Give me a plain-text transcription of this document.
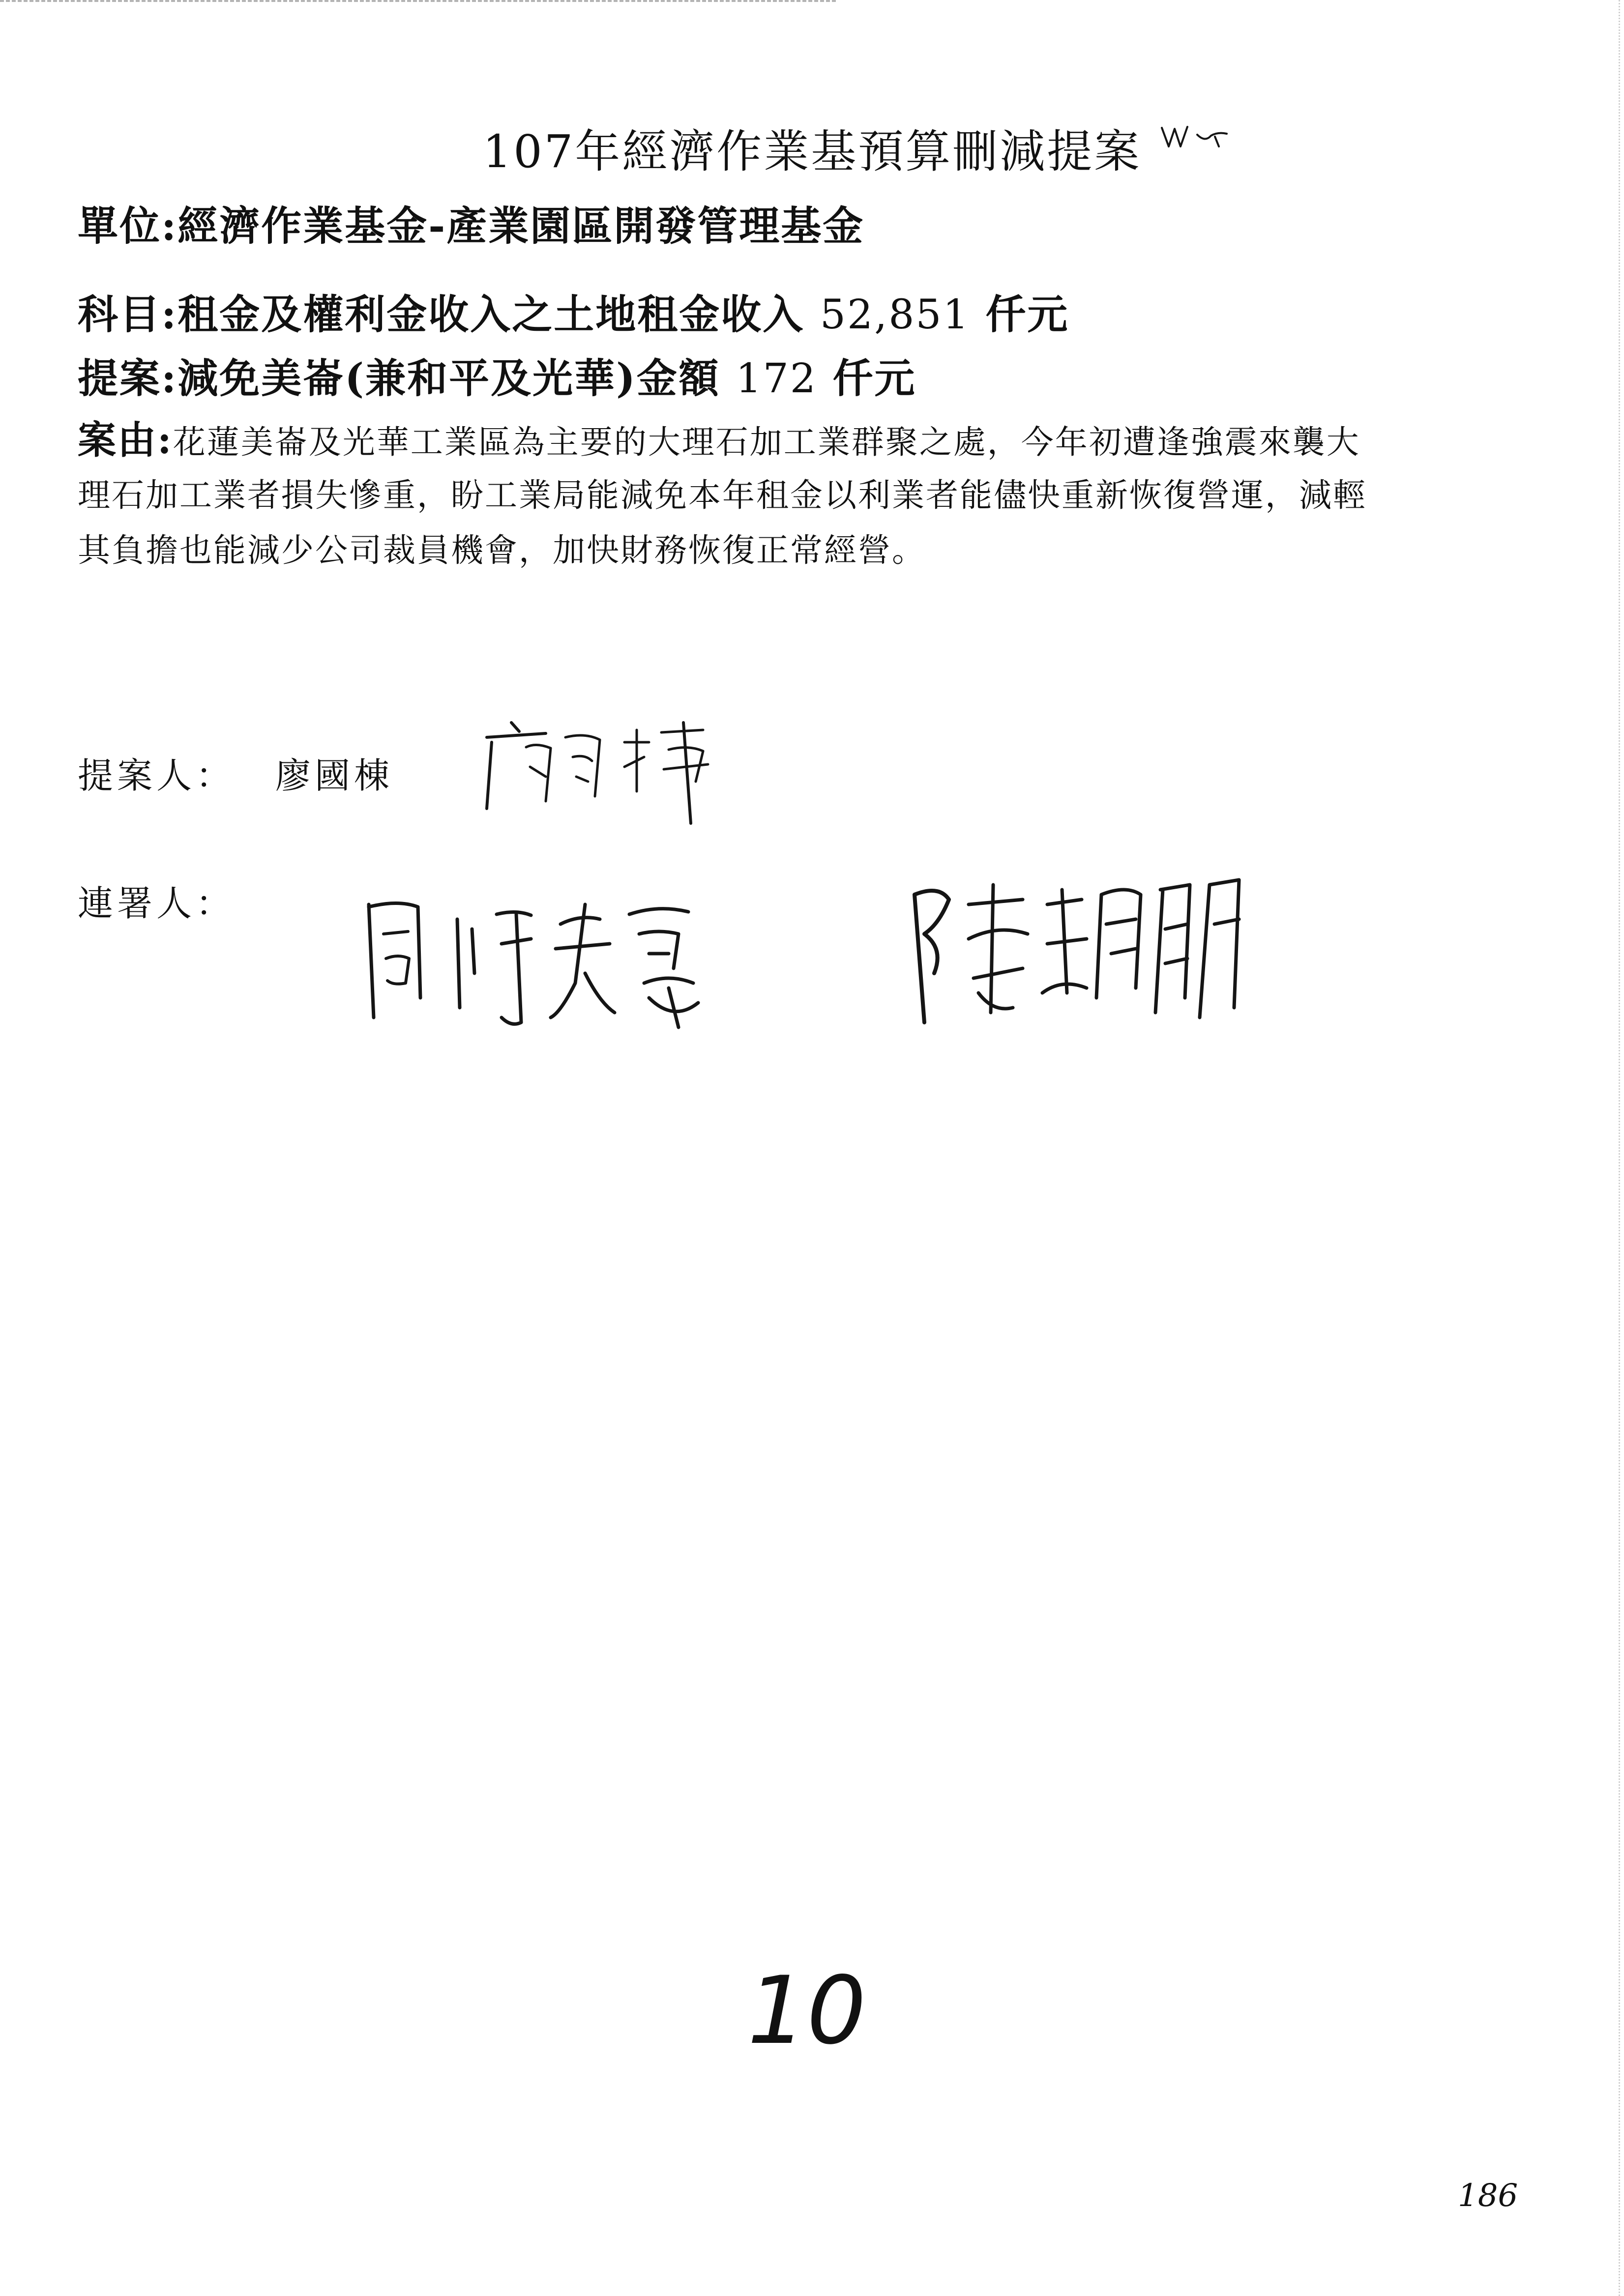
107年經濟作業基預算刪減提案
單位:經濟作業基金-產業園區開發管理基金
科目:租金及權利金收入之土地租金收入 52,851 仟元
提案:減免美崙(兼和平及光華)金額 172 仟元
案由:花蓮美崙及光華工業區為主要的大理石加工業群聚之處，今年初遭逢強震來襲大
理石加工業者損失慘重，盼工業局能減免本年租金以利業者能儘快重新恢復營運，減輕
其負擔也能減少公司裁員機會，加快財務恢復正常經營。
提案人： 廖國棟
連署人：
10
186
